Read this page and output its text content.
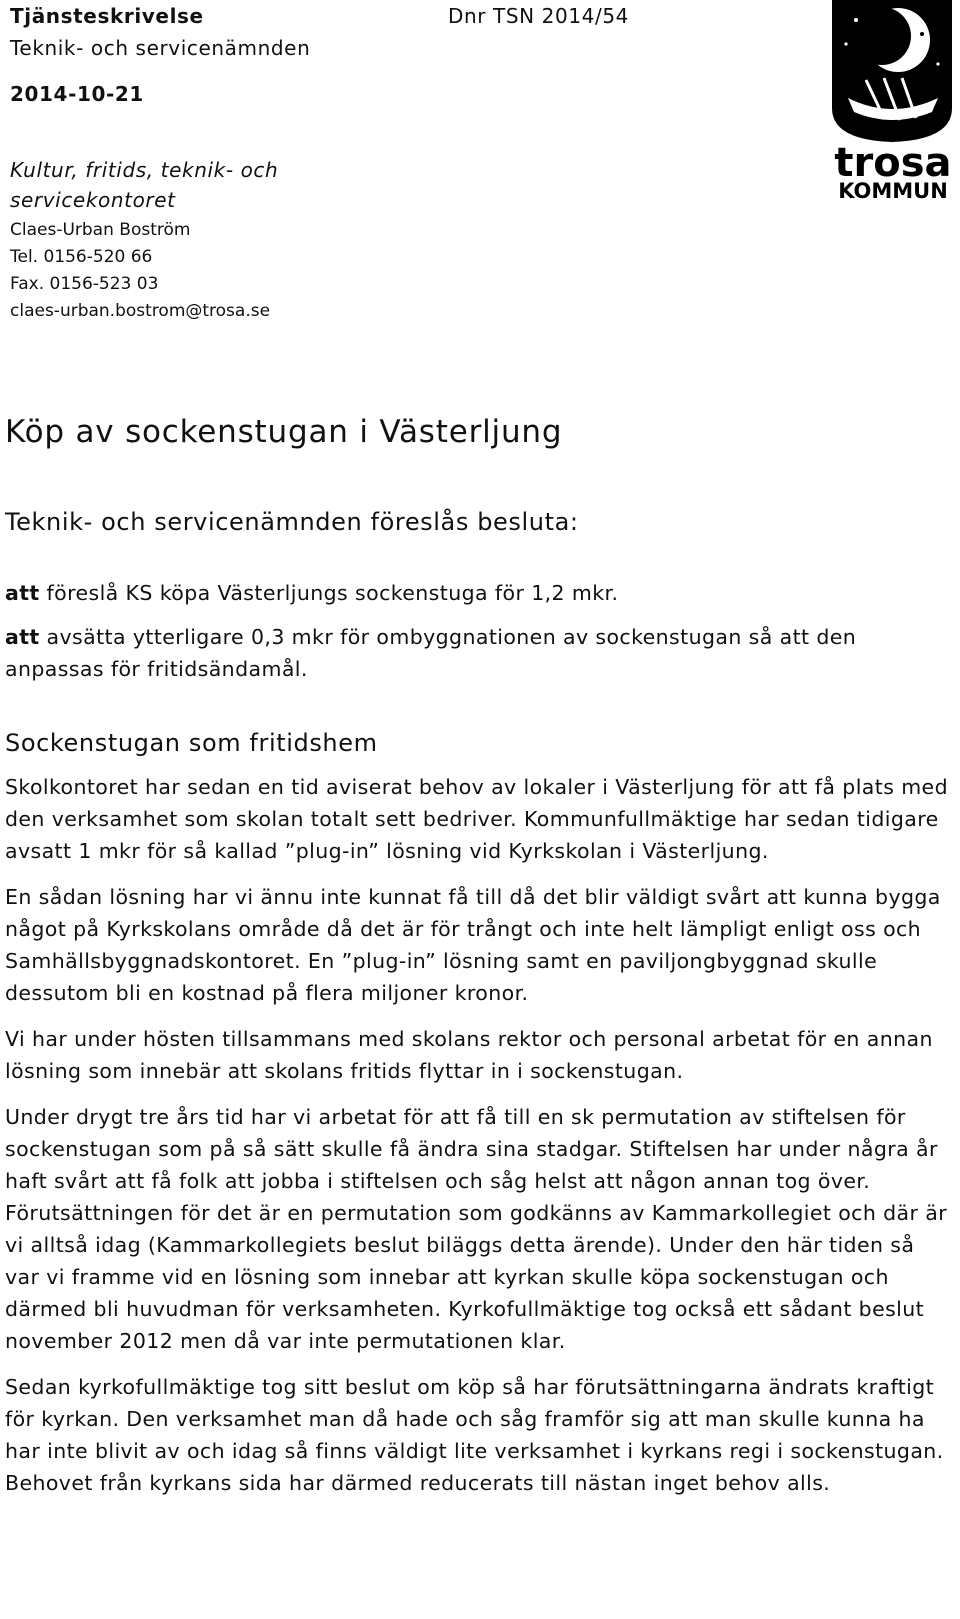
Tjänsteskrivelse
Teknik- och servicenämnden
2014-10-21
Dnr TSN 2014/54
Kultur, fritids, teknik- och
servicekontoret
Claes-Urban Boström
Tel. 0156-520 66
Fax. 0156-523 03
claes-urban.bostrom@trosa.se
trosa
KOMMUN
Köp av sockenstugan i Västerljung
Teknik- och servicenämnden föreslås besluta:

att föreslå KS köpa Västerljungs sockenstuga för 1,2 mkr.

att avsätta ytterligare 0,3 mkr för ombyggnationen av sockenstugan så att den anpassas för fritidsändamål.

Sockenstugan som fritidshem

Skolkontoret har sedan en tid aviserat behov av lokaler i Västerljung för att få plats med den verksamhet som skolan totalt sett bedriver. Kommunfullmäktige har sedan tidigare avsatt 1 mkr för så kallad ”plug-in” lösning vid Kyrkskolan i Västerljung.

En sådan lösning har vi ännu inte kunnat få till då det blir väldigt svårt att kunna bygga något på Kyrkskolans område då det är för trångt och inte helt lämpligt enligt oss och Samhällsbyggnadskontoret. En ”plug-in” lösning samt en paviljongbyggnad skulle dessutom bli en kostnad på flera miljoner kronor.

Vi har under hösten tillsammans med skolans rektor och personal arbetat för en annan lösning som innebär att skolans fritids flyttar in i sockenstugan.

Under drygt tre års tid har vi arbetat för att få till en sk permutation av stiftelsen för sockenstugan som på så sätt skulle få ändra sina stadgar. Stiftelsen har under några år haft svårt att få folk att jobba i stiftelsen och såg helst att någon annan tog över. Förutsättningen för det är en permutation som godkänns av Kammarkollegiet och där är vi alltså idag (Kammarkollegiets beslut biläggs detta ärende). Under den här tiden så var vi framme vid en lösning som innebar att kyrkan skulle köpa sockenstugan och därmed bli huvudman för verksamheten. Kyrkofullmäktige tog också ett sådant beslut november 2012 men då var inte permutationen klar.

Sedan kyrkofullmäktige tog sitt beslut om köp så har förutsättningarna ändrats kraftigt för kyrkan. Den verksamhet man då hade och såg framför sig att man skulle kunna ha har inte blivit av och idag så finns väldigt lite verksamhet i kyrkans regi i sockenstugan. Behovet från kyrkans sida har därmed reducerats till nästan inget behov alls.
